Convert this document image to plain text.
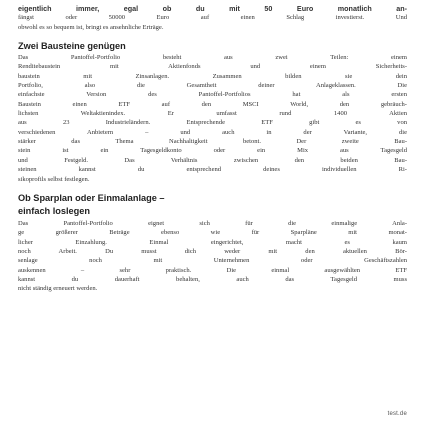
eigentlich immer, egal ob du mit 50 Euro monatlich an-
fängst oder 50000 Euro auf einen Schlag investierst. Und
obwohl es so bequem ist, bringt es ansehnliche Erträge.
Zwei Bausteine genügen
Das Pantoffel-Portfolio besteht aus zwei Teilen: einem
Renditebaustein mit Aktienfonds und einem Sicherheits-
baustein mit Zinsanlagen. Zusammen bilden sie dein
Portfolio, also die Gesamtheit deiner Anlageklassen. Die
einfachste Version des Pantoffel-Portfolios hat als ersten
Baustein einen ETF auf den MSCI World, den gebräuch-
lichsten Weltaktienindex. Er umfasst rund 1400 Aktien
aus 23 Industrieländern. Entsprechende ETF gibt es von
verschiedenen Anbietern – und auch in der Variante, die
stärker das Thema Nachhaltigkeit betont. Der zweite Bau-
stein ist ein Tagesgeldkonto oder ein Mix aus Tagesgeld
und Festgeld. Das Verhältnis zwischen den beiden Bau-
steinen kannst du entsprechend deines individuellen Ri-
sikoprofils selbst festlegen.
Ob Sparplan oder Einmalanlage –
einfach loslegen
Das Pantoffel-Portfolio eignet sich für die einmalige Anla-
ge größerer Beträge ebenso wie für Sparpläne mit monat-
licher Einzahlung. Einmal eingerichtet, macht es kaum
noch Arbeit. Du musst dich weder mit den aktuellen Bör-
senlage noch mit Unternehmen oder Geschäftszahlen
auskennen – sehr praktisch. Die einmal ausgewählten ETF
kannst du dauerhaft behalten, auch das Tagesgeld muss
nicht ständig erneuert werden.
test.de
